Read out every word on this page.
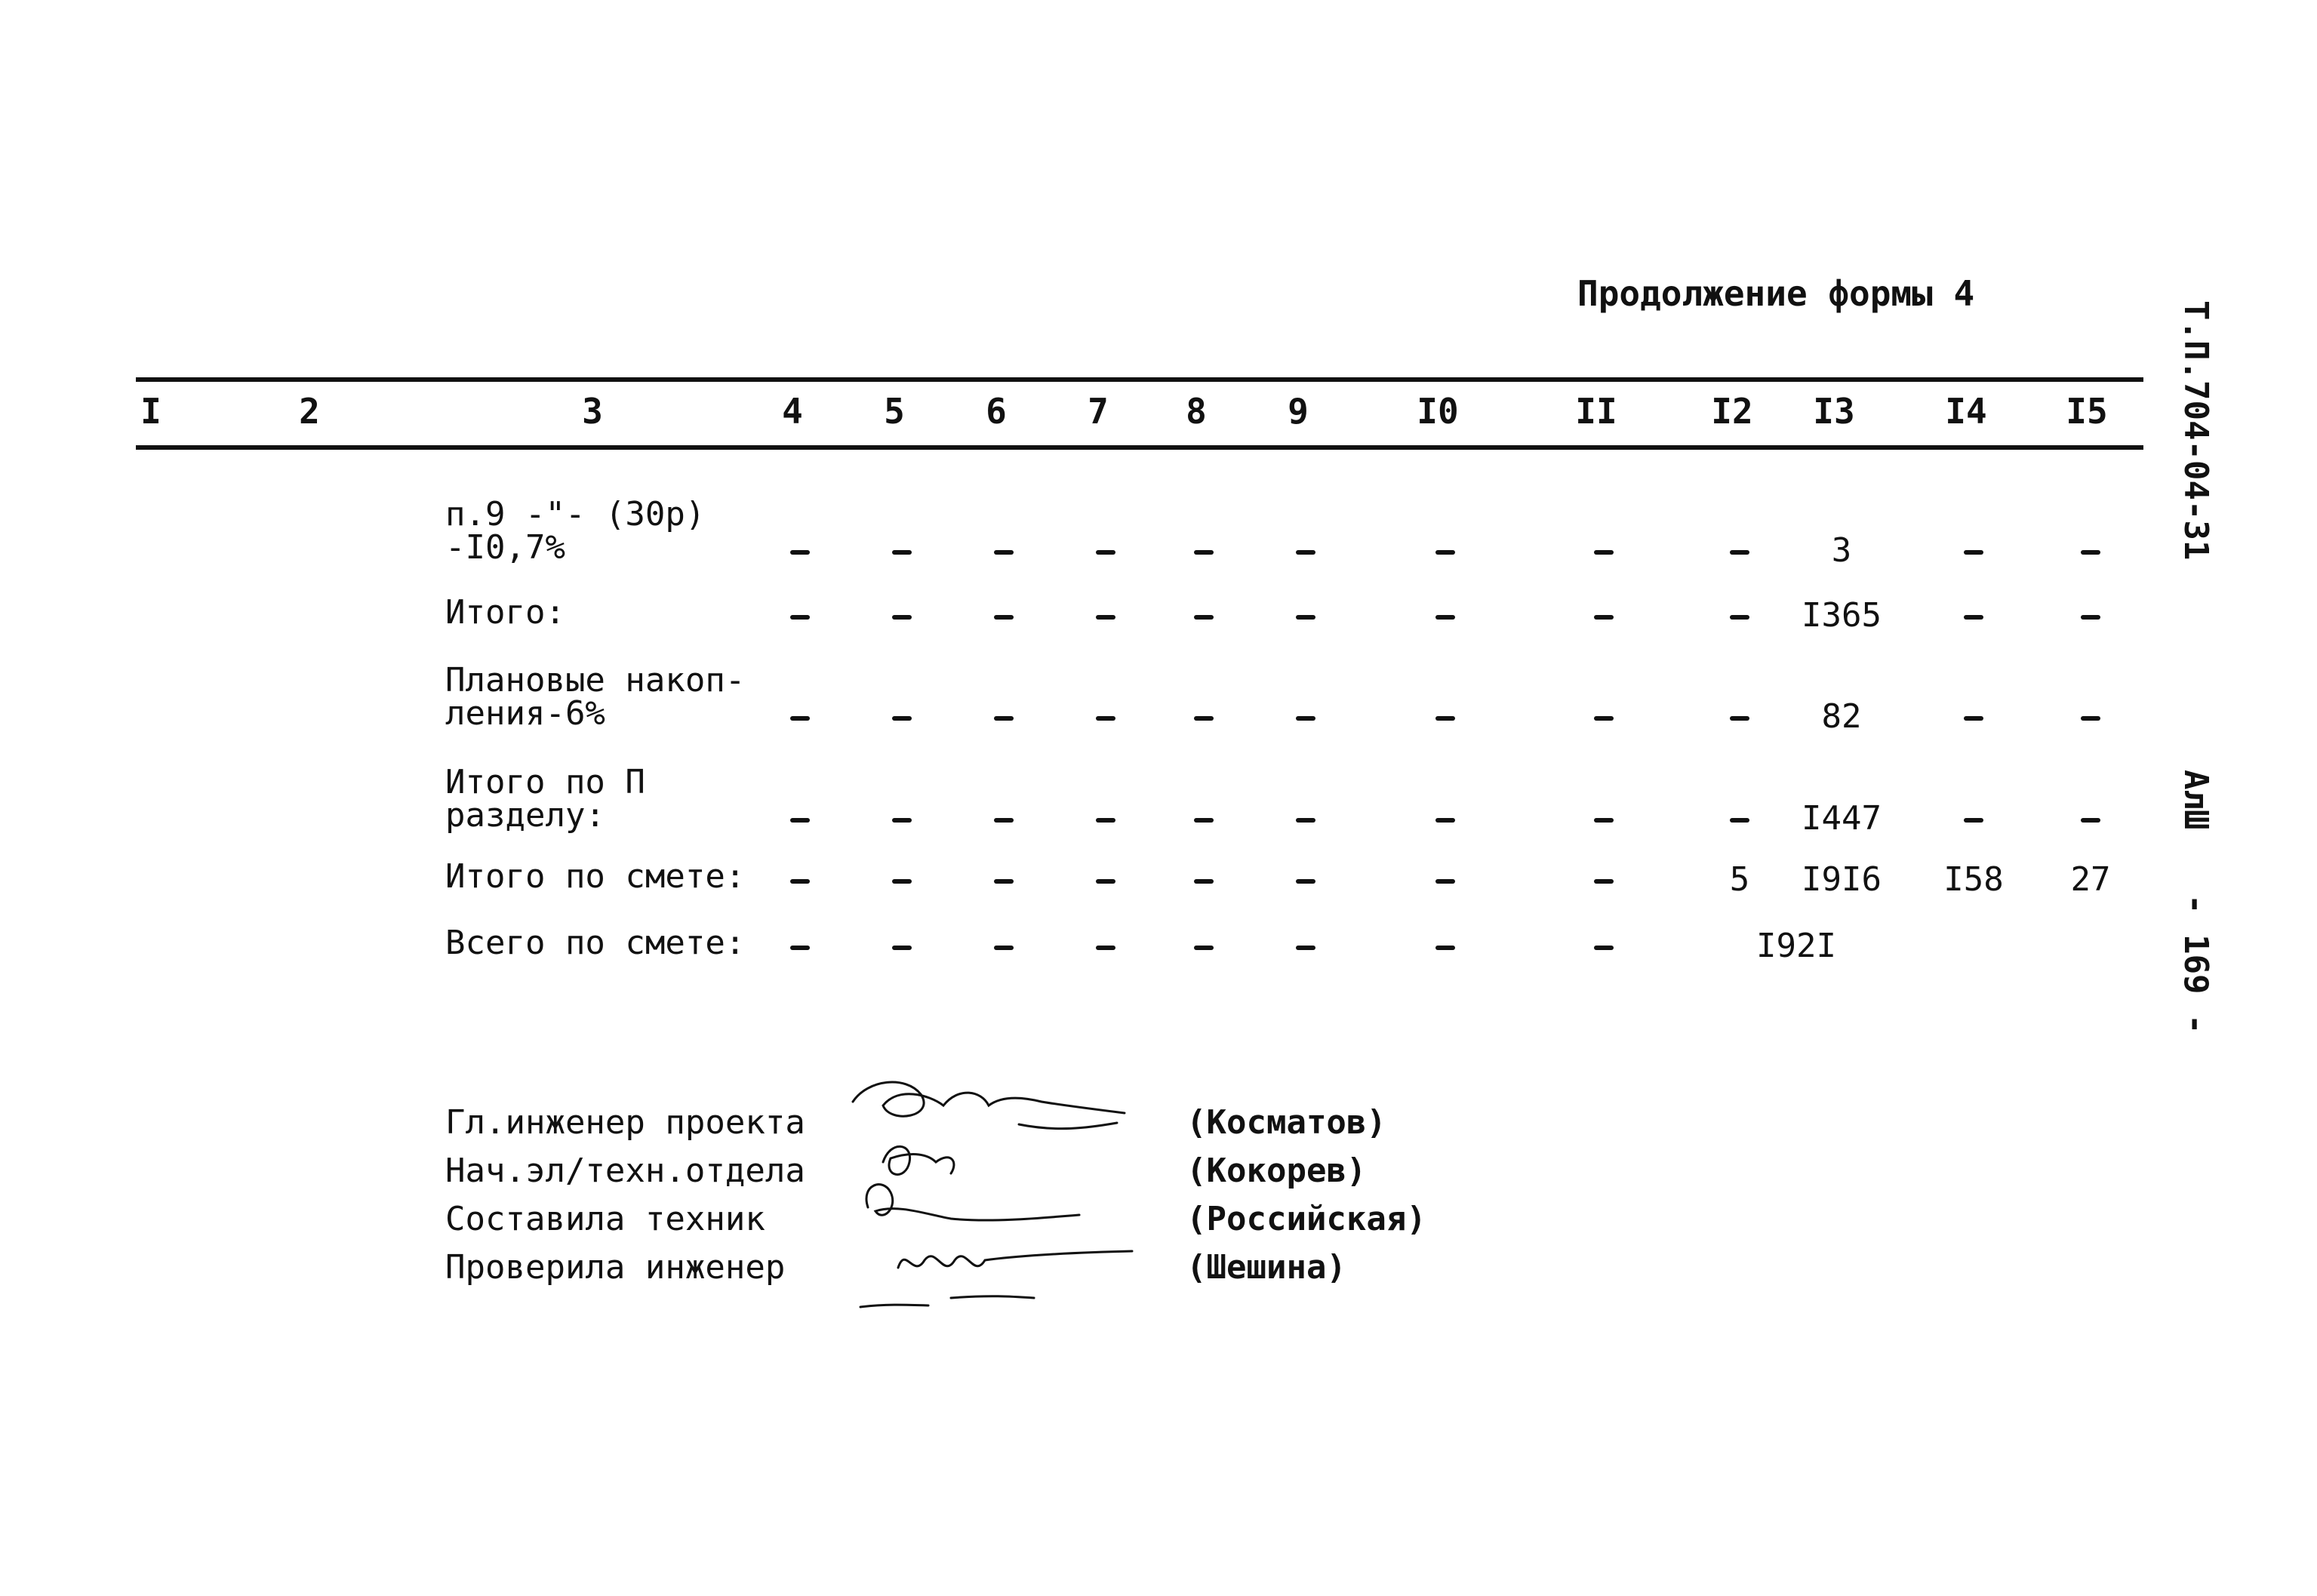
Продолжение формы 4
Т.П.704-04-31
АлШ
- 169 -
I	2	3	4	5	6	7	8	9	I0	II	I2 I3	I4 I5
п.9 -"- (30р)
-I0,7%	3
Итого:	I365
Плановые накоп-
ления-6%	82
Итого по П
разделу:	I447
Итого по смете:	5	I9I6	I58	27
Всего по смете:	I92I
Гл.инженер проекта	(Косматов)
Нач.эл/техн.отдела	(Кокорев)
Составила техник	(Российская)
Проверила инженер	(Шешина)
